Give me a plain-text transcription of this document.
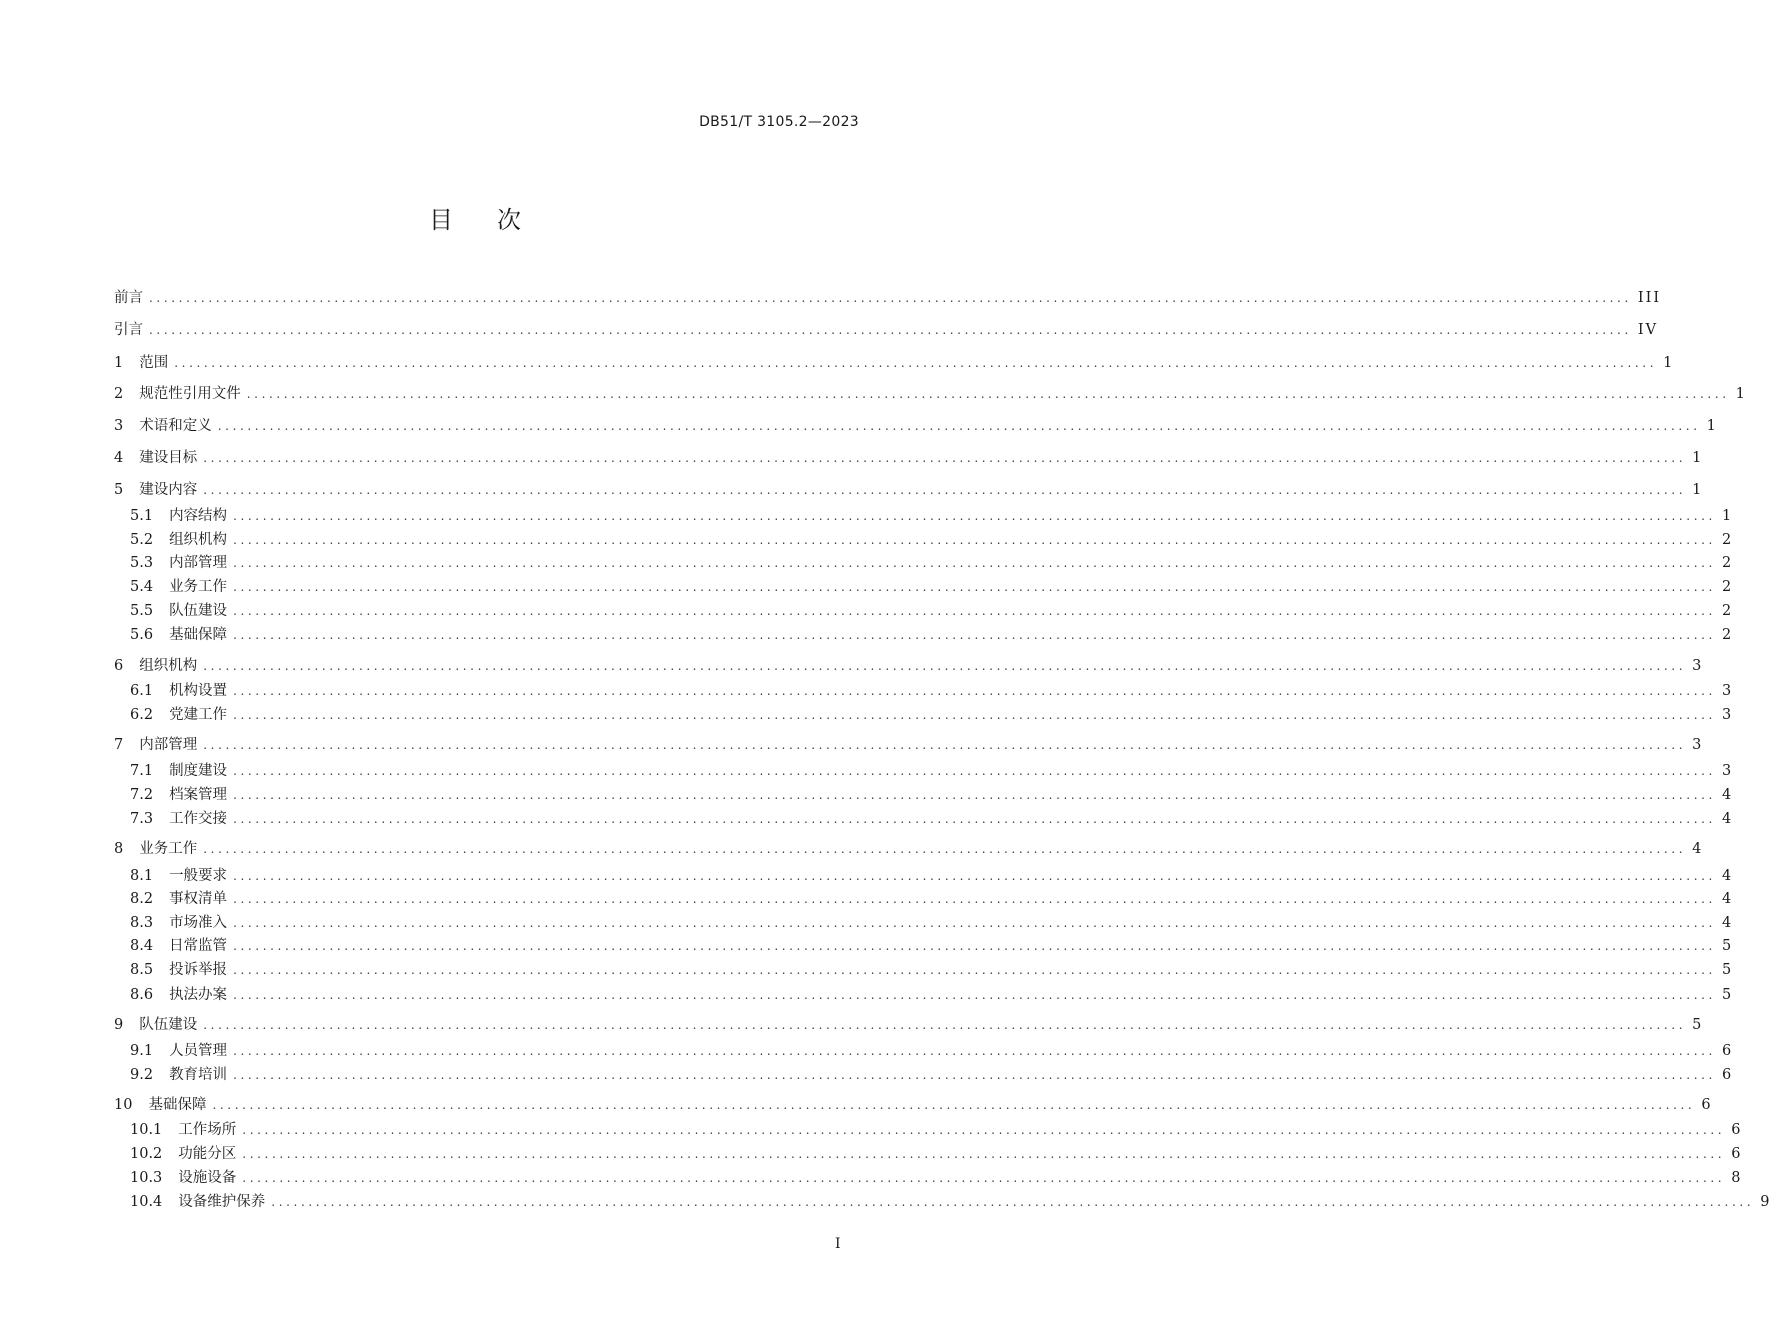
DB51/T 3105.2—2023
目次
前言 ........................................................................................................................................................................................................ III
引言 ........................................................................................................................................................................................................ IV
1 范围 ........................................................................................................................................................................................................ 1
2 规范性引用文件 ........................................................................................................................................................................................................ 1
3 术语和定义 ........................................................................................................................................................................................................ 1
4 建设目标 ........................................................................................................................................................................................................ 1
5 建设内容 ........................................................................................................................................................................................................ 1
5.1 内容结构 ........................................................................................................................................................................................................ 1
5.2 组织机构 ........................................................................................................................................................................................................ 2
5.3 内部管理 ........................................................................................................................................................................................................ 2
5.4 业务工作 ........................................................................................................................................................................................................ 2
5.5 队伍建设 ........................................................................................................................................................................................................ 2
5.6 基础保障 ........................................................................................................................................................................................................ 2
6 组织机构 ........................................................................................................................................................................................................ 3
6.1 机构设置 ........................................................................................................................................................................................................ 3
6.2 党建工作 ........................................................................................................................................................................................................ 3
7 内部管理 ........................................................................................................................................................................................................ 3
7.1 制度建设 ........................................................................................................................................................................................................ 3
7.2 档案管理 ........................................................................................................................................................................................................ 4
7.3 工作交接 ........................................................................................................................................................................................................ 4
8 业务工作 ........................................................................................................................................................................................................ 4
8.1 一般要求 ........................................................................................................................................................................................................ 4
8.2 事权清单 ........................................................................................................................................................................................................ 4
8.3 市场准入 ........................................................................................................................................................................................................ 4
8.4 日常监管 ........................................................................................................................................................................................................ 5
8.5 投诉举报 ........................................................................................................................................................................................................ 5
8.6 执法办案 ........................................................................................................................................................................................................ 5
9 队伍建设 ........................................................................................................................................................................................................ 5
9.1 人员管理 ........................................................................................................................................................................................................ 6
9.2 教育培训 ........................................................................................................................................................................................................ 6
10 基础保障 ........................................................................................................................................................................................................ 6
10.1 工作场所 ........................................................................................................................................................................................................ 6
10.2 功能分区 ........................................................................................................................................................................................................ 6
10.3 设施设备 ........................................................................................................................................................................................................ 8
10.4 设备维护保养 ........................................................................................................................................................................................................ 9
I
